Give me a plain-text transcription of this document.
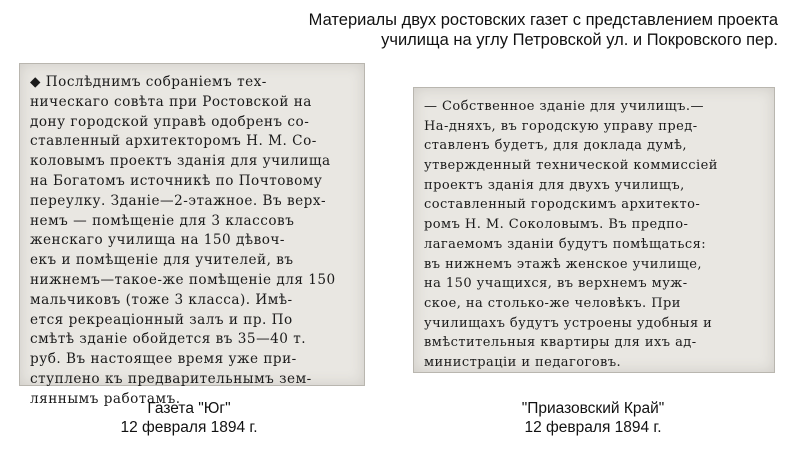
Материалы двух ростовских газет с представлением проекта
училища на углу Петровской ул. и Покровского пер.
◆ Послѣднимъ собраніемъ тех-
ническаго совѣта при Ростовской на
дону городской управѣ одобренъ со-
ставленный архитекторомъ Н. М. Со-
коловымъ проектъ зданія для училища
на Богатомъ источникѣ по Почтовому
переулку. Зданіе—2-этажное. Въ верх-
немъ — помѣщеніе для 3 классовъ
женскаго училища на 150 дѣвоч-
екъ и помѣщеніе для учителей, въ
нижнемъ—такое-же помѣщеніе для 150
мальчиковъ (тоже 3 класса). Имѣ-
ется рекреаціонный залъ и пр. По
смѣтѣ зданіе обойдется въ 35—40 т.
руб. Въ настоящее время уже при-
ступлено къ предварительнымъ зем-
ляннымъ работамъ.
— Собственное зданіе для училищъ.—
На-дняхъ, въ городскую управу пред-
ставленъ будетъ, для доклада думѣ,
утвержденный технической коммиссіей
проектъ зданія для двухъ училищъ,
составленный городскимъ архитекто-
ромъ Н. М. Соколовымъ. Въ предпо-
лагаемомъ зданіи будутъ помѣщаться:
въ нижнемъ этажѣ женское училище,
на 150 учащихся, въ верхнемъ муж-
ское, на столько-же человѣкъ. При
училищахъ будутъ устроены удобныя и
вмѣстительныя квартиры для ихъ ад-
министраціи и педагоговъ.
Газета "Юг"
12 февраля 1894 г.
"Приазовский Край"
12 февраля 1894 г.
